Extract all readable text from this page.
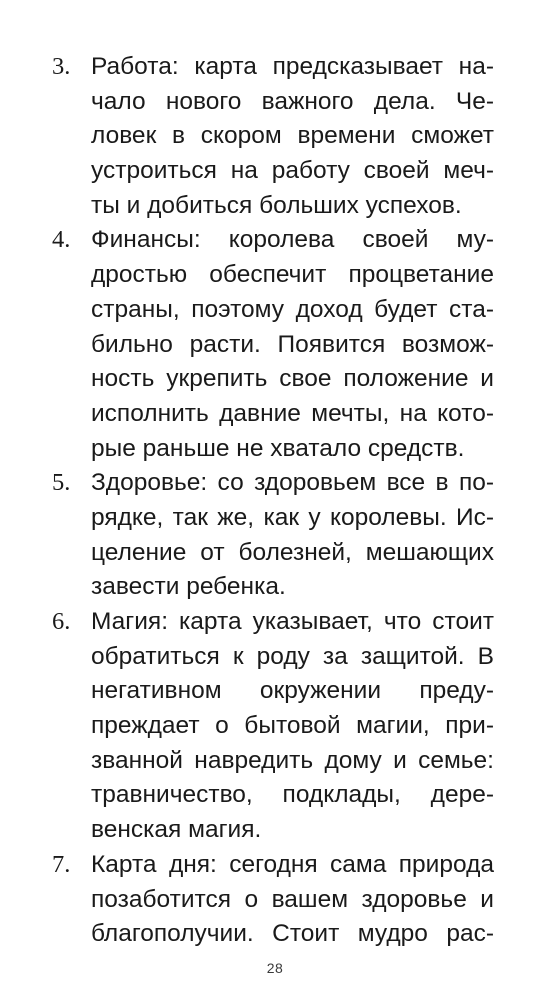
3. Работа: карта предсказывает на-
чало нового важного дела. Че-
ловек в скором времени сможет
устроиться на работу своей меч-
ты и добиться больших успехов.
4. Финансы: королева своей му-
дростью обеспечит процветание
страны, поэтому доход будет ста-
бильно расти. Появится возмож-
ность укрепить свое положение и
исполнить давние мечты, на кото-
рые раньше не хватало средств.
5. Здоровье: со здоровьем все в по-
рядке, так же, как у королевы. Ис-
целение от болезней, мешающих
завести ребенка.
6. Магия: карта указывает, что стоит
обратиться к роду за защитой. В
негативном окружении преду-
преждает о бытовой магии, при-
званной навредить дому и семье:
травничество, подклады, дере-
венская магия.
7. Карта дня: сегодня сама природа
позаботится о вашем здоровье и
благополучии. Стоит мудро рас-
28
